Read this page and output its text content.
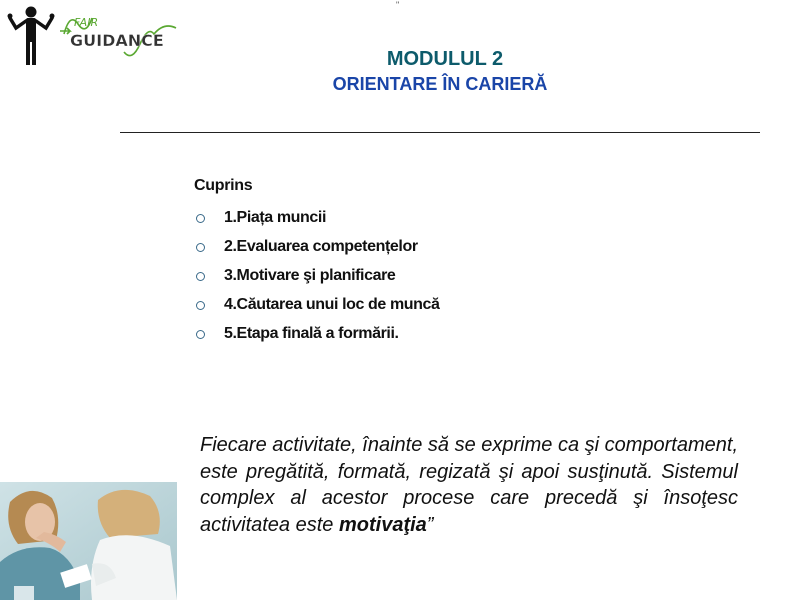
FAIR
GUIDANCE
"
MODULUL 2
ORIENTARE ÎN CARIERĂ
Cuprins
1.Piața muncii
2.Evaluarea competențelor
3.Motivare şi planificare
4.Căutarea unui loc de muncă
5.Etapa finală a formării.
Fiecare activitate, înainte să se exprime ca şi comportament, este pregătită, formată, regizată şi apoi susţinută. Sistemul complex al acestor procese care precedă şi însoţesc activitatea este motivaţia”
